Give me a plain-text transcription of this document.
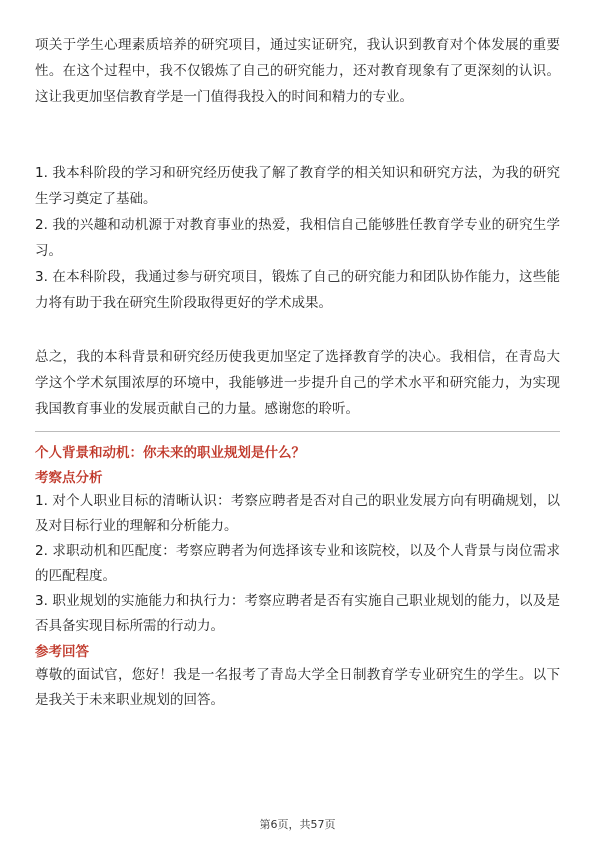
项关于学生心理素质培养的研究项目，通过实证研究，我认识到教育对个体发展的重要性。在这个过程中，我不仅锻炼了自己的研究能力，还对教育现象有了更深刻的认识。这让我更加坚信教育学是一门值得我投入的时间和精力的专业。

1. 我本科阶段的学习和研究经历使我了解了教育学的相关知识和研究方法，为我的研究生学习奠定了基础。

2. 我的兴趣和动机源于对教育事业的热爱，我相信自己能够胜任教育学专业的研究生学习。

3. 在本科阶段，我通过参与研究项目，锻炼了自己的研究能力和团队协作能力，这些能力将有助于我在研究生阶段取得更好的学术成果。

总之，我的本科背景和研究经历使我更加坚定了选择教育学的决心。我相信，在青岛大学这个学术氛围浓厚的环境中，我能够进一步提升自己的学术水平和研究能力，为实现我国教育事业的发展贡献自己的力量。感谢您的聆听。

个人背景和动机：你未来的职业规划是什么？

考察点分析

1. 对个人职业目标的清晰认识：考察应聘者是否对自己的职业发展方向有明确规划，以及对目标行业的理解和分析能力。

2. 求职动机和匹配度：考察应聘者为何选择该专业和该院校，以及个人背景与岗位需求的匹配程度。

3. 职业规划的实施能力和执行力：考察应聘者是否有实施自己职业规划的能力，以及是否具备实现目标所需的行动力。

参考回答

尊敬的面试官，您好！我是一名报考了青岛大学全日制教育学专业研究生的学生。以下是我关于未来职业规划的回答。

第6页，共57页
